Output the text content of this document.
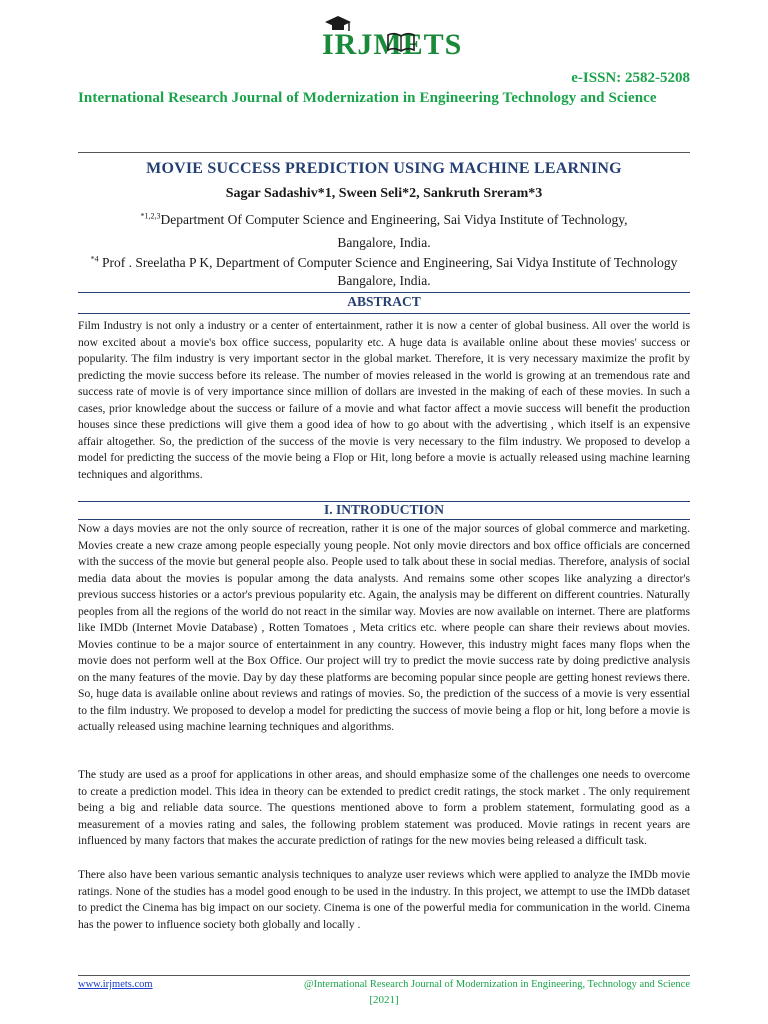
IRJMETS
e-ISSN: 2582-5208
International Research Journal of Modernization in Engineering Technology and Science
MOVIE SUCCESS PREDICTION USING MACHINE LEARNING
Sagar Sadashiv*1, Sween Seli*2, Sankruth Sreram*3
$^{*1,2,3}$Department Of Computer Science and Engineering, Sai Vidya Institute of Technology,
Bangalore, India.
$^{*4}$ Prof . Sreelatha P K, Department of Computer Science and Engineering, Sai Vidya Institute of Technology Bangalore, India.
ABSTRACT

Film Industry is not only a industry or a center of entertainment, rather it is now a center of global business. All over the world is now excited about a movie's box office success, popularity etc. A huge data is available online about these movies' success or popularity. The film industry is very important sector in the global market. Therefore, it is very necessary maximize the profit by predicting the movie success before its release. The number of movies released in the world is growing at an tremendous rate and success rate of movie is of very importance since million of dollars are invested in the making of each of these movies. In such a cases, prior knowledge about the success or failure of a movie and what factor affect a movie success will benefit the production houses since these predictions will give them a good idea of how to go about with the advertising , which itself is an expensive affair altogether. So, the prediction of the success of the movie is very necessary to the film industry. We proposed to develop a model for predicting the success of the movie being a Flop or Hit, long before a movie is actually released using machine learning techniques and algorithms.

I. INTRODUCTION

Now a days movies are not the only source of recreation, rather it is one of the major sources of global commerce and marketing. Movies create a new craze among people especially young people. Not only movie directors and box office officials are concerned with the success of the movie but general people also. People used to talk about these in social medias. Therefore, analysis of social media data about the movies is popular among the data analysts. And remains some other scopes like analyzing a director's previous success histories or a actor's previous popularity etc. Again, the analysis may be different on different countries. Naturally peoples from all the regions of the world do not react in the similar way. Movies are now available on internet. There are platforms like IMDb (Internet Movie Database) , Rotten Tomatoes , Meta critics etc. where people can share their reviews about movies. Movies continue to be a major source of entertainment in any country. However, this industry might faces many flops when the movie does not perform well at the Box Office. Our project will try to predict the movie success rate by doing predictive analysis on the many features of the movie. Day by day these platforms are becoming popular since people are getting honest reviews there. So, huge data is available online about reviews and ratings of movies. So, the prediction of the success of a movie is very essential to the film industry. We proposed to develop a model for predicting the success of movie being a flop or hit, long before a movie is actually released using machine learning techniques and algorithms.

The study are used as a proof for applications in other areas, and should emphasize some of the challenges one needs to overcome to create a prediction model. This idea in theory can be extended to predict credit ratings, the stock market . The only requirement being a big and reliable data source. The questions mentioned above to form a problem statement, formulating good as a measurement of a movies rating and sales, the following problem statement was produced. Movie ratings in recent years are influenced by many factors that makes the accurate prediction of ratings for the new movies being released a difficult task.

There also have been various semantic analysis techniques to analyze user reviews which were applied to analyze the IMDb movie ratings. None of the studies has a model good enough to be used in the industry. In this project, we attempt to use the IMDb dataset to predict the Cinema has big impact on our society. Cinema is one of the powerful media for communication in the world. Cinema has the power to influence society both globally and locally .

www.irjmets.com	@International Research Journal of Modernization in Engineering, Technology and Science
[2021]
